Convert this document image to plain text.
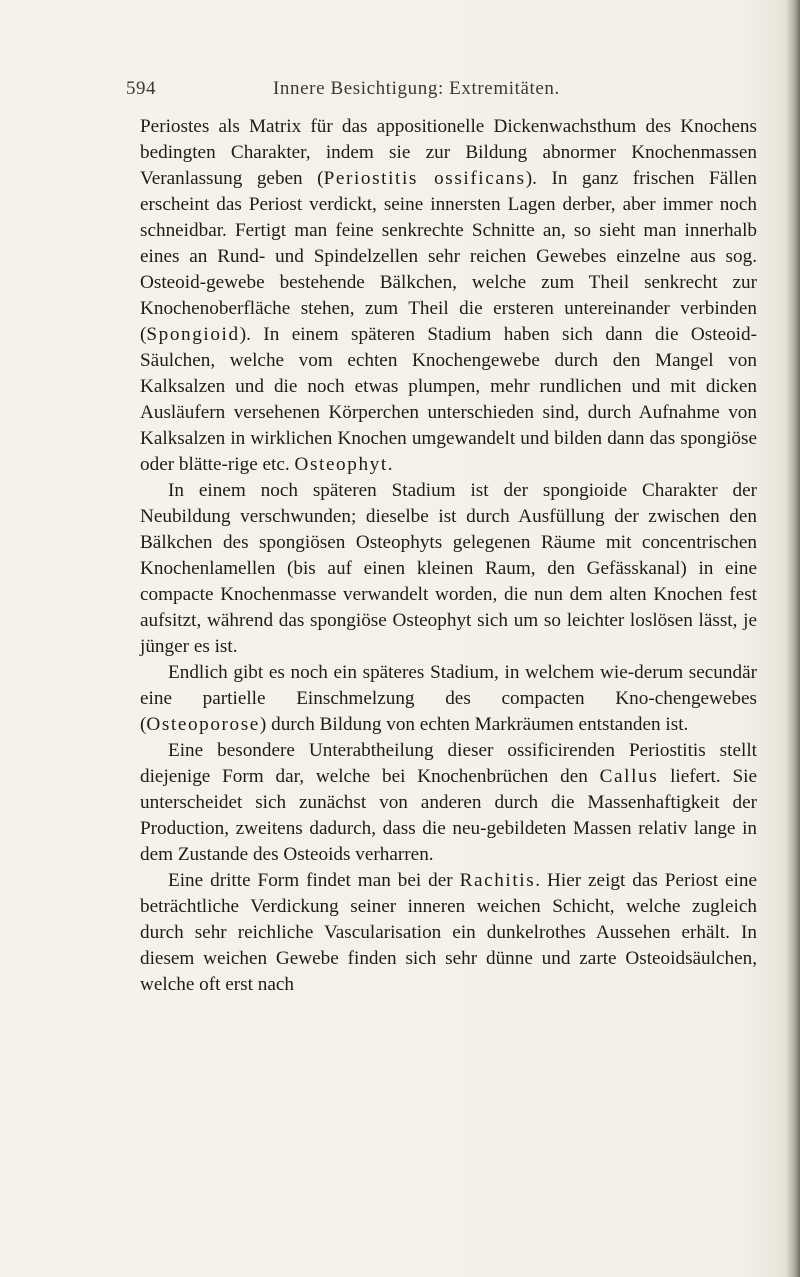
594	Innere Besichtigung: Extremitäten.

Periostes als Matrix für das appositionelle Dickenwachsthum des Knochens bedingten Charakter, indem sie zur Bildung abnormer Knochenmassen Veranlassung geben (Periostitis ossificans). In ganz frischen Fällen erscheint das Periost verdickt, seine innersten Lagen derber, aber immer noch schneidbar. Fertigt man feine senkrechte Schnitte an, so sieht man innerhalb eines an Rund- und Spindelzellen sehr reichen Gewebes einzelne aus sog. Osteoid-gewebe bestehende Bälkchen, welche zum Theil senkrecht zur Knochenoberfläche stehen, zum Theil die ersteren untereinander verbinden (Spongioid). In einem späteren Stadium haben sich dann die Osteoid-Säulchen, welche vom echten Knochengewebe durch den Mangel von Kalksalzen und die noch etwas plumpen, mehr rundlichen und mit dicken Ausläufern versehenen Körperchen unterschieden sind, durch Aufnahme von Kalksalzen in wirklichen Knochen umgewandelt und bilden dann das spongiöse oder blätte-rige etc. Osteophyt.

In einem noch späteren Stadium ist der spongioide Charakter der Neubildung verschwunden; dieselbe ist durch Ausfüllung der zwischen den Bälkchen des spongiösen Osteophyts gelegenen Räume mit concentrischen Knochenlamellen (bis auf einen kleinen Raum, den Gefässkanal) in eine compacte Knochenmasse verwandelt worden, die nun dem alten Knochen fest aufsitzt, während das spongiöse Osteophyt sich um so leichter loslösen lässt, je jünger es ist.

Endlich gibt es noch ein späteres Stadium, in welchem wie-derum secundär eine partielle Einschmelzung des compacten Kno-chengewebes (Osteoporose) durch Bildung von echten Markräumen entstanden ist.

Eine besondere Unterabtheilung dieser ossificirenden Periostitis stellt diejenige Form dar, welche bei Knochenbrüchen den Callus liefert. Sie unterscheidet sich zunächst von anderen durch die Massenhaftigkeit der Production, zweitens dadurch, dass die neu-gebildeten Massen relativ lange in dem Zustande des Osteoids verharren.

Eine dritte Form findet man bei der Rachitis. Hier zeigt das Periost eine beträchtliche Verdickung seiner inneren weichen Schicht, welche zugleich durch sehr reichliche Vascularisation ein dunkelrothes Aussehen erhält. In diesem weichen Gewebe finden sich sehr dünne und zarte Osteoidsäulchen, welche oft erst nach
